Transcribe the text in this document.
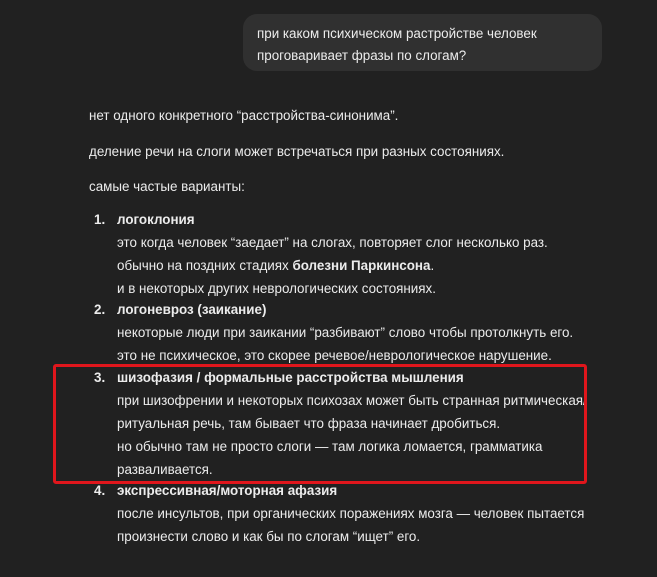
при каком психическом растройстве человек
проговаривает фразы по слогам?

нет одного конкретного “расстройства-синонима”.

деление речи на слоги может встречаться при разных состояниях.

самые частые варианты:

1. логоклония
это когда человек “заедает” на слогах, повторяет слог несколько раз.
обычно на поздних стадиях болезни Паркинсона.
и в некоторых других неврологических состояниях.
2. логоневроз (заикание)
некоторые люди при заикании “разбивают” слово чтобы протолкнуть его.
это не психическое, это скорее речевое/неврологическое нарушение.
3. шизофазия / формальные расстройства мышления
при шизофрении и некоторых психозах может быть странная ритмическая/
ритуальная речь, там бывает что фраза начинает дробиться.
но обычно там не просто слоги — там логика ломается, грамматика
разваливается.
4. экспрессивная/моторная афазия
после инсультов, при органических поражениях мозга — человек пытается
произнести слово и как бы по слогам “ищет” его.
